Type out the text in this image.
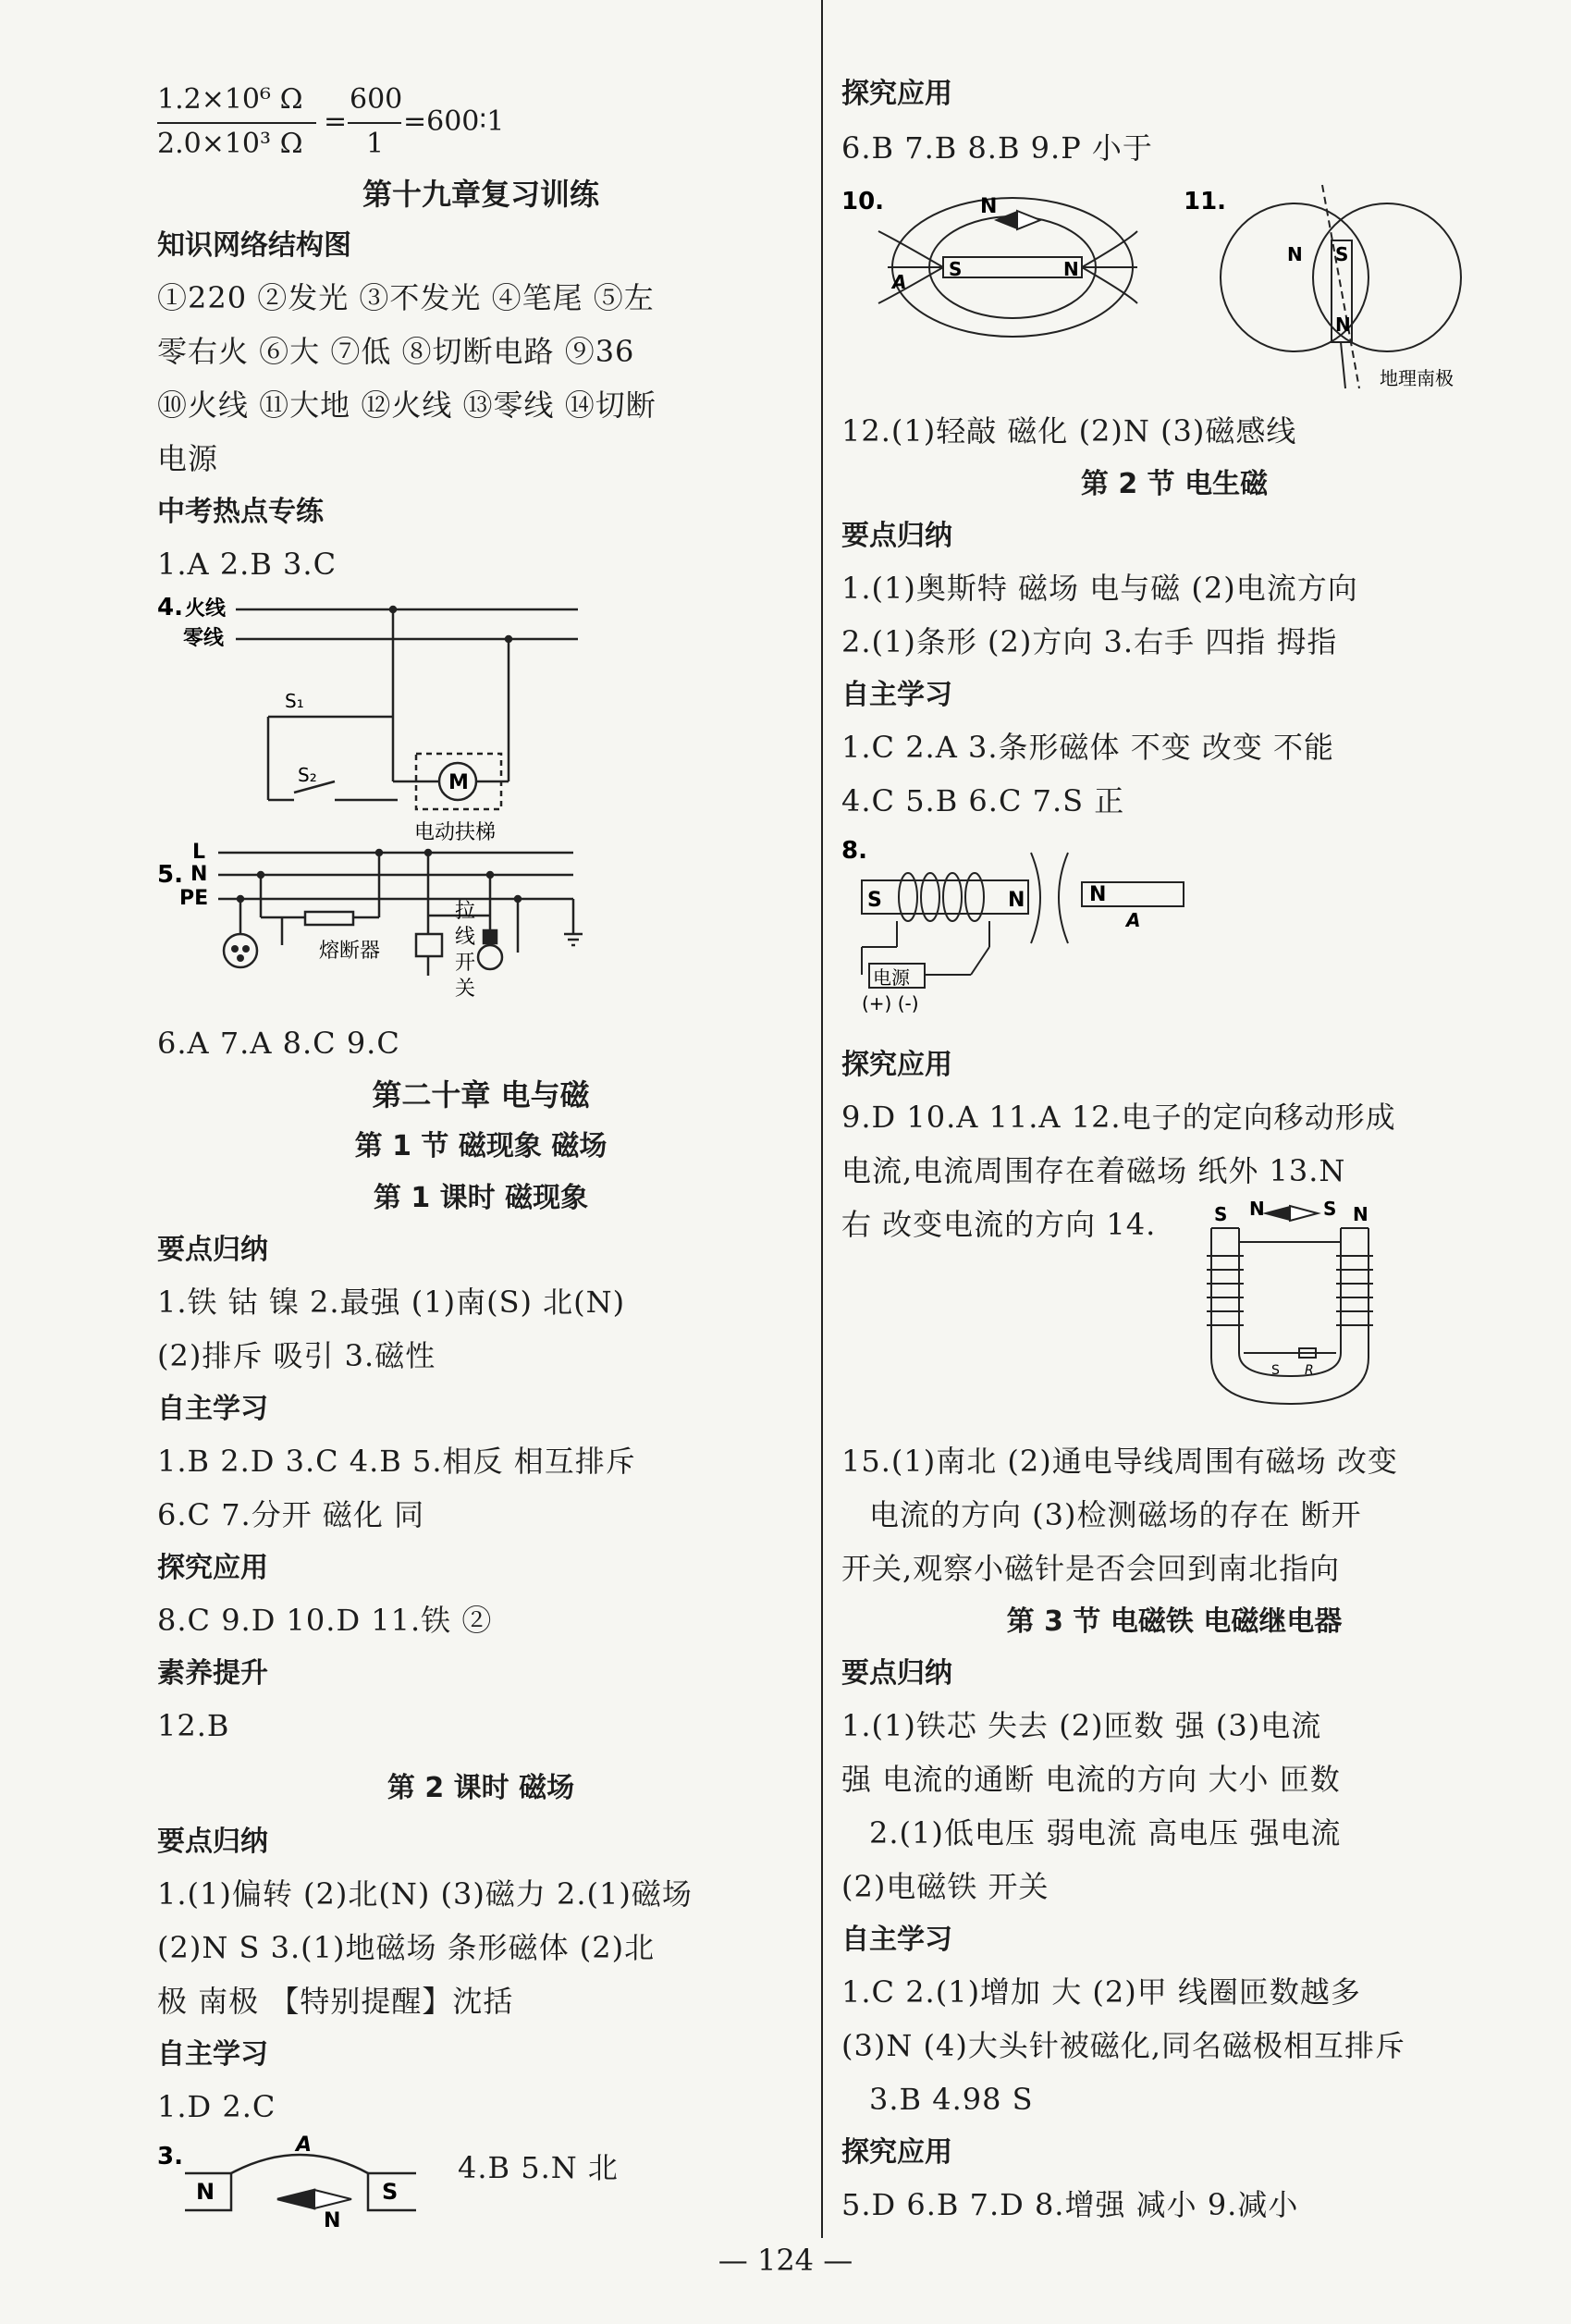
1.2×10⁶ Ω
2.0×10³ Ω
=
600
1
=600∶1
第十九章复习训练
知识网络结构图
①220 ②发光 ③不发光 ④笔尾 ⑤左
零右火 ⑥大 ⑦低 ⑧切断电路 ⑨36
⑩火线 ⑪大地 ⑫火线 ⑬零线 ⑭切断
电源
中考热点专练
1.A 2.B 3.C
4. 火线
零线
S₁
S₂	M
电动扶梯
5.
L
N
PE
熔断器
拉
线
开
关
6.A 7.A 8.C 9.C
第二十章 电与磁
第 1 节 磁现象 磁场
第 1 课时 磁现象
要点归纳
1.铁 钴 镍 2.最强 (1)南(S) 北(N)
(2)排斥 吸引 3.磁性
自主学习
1.B 2.D 3.C 4.B 5.相反 相互排斥
6.C 7.分开 磁化 同
探究应用
8.C 9.D 10.D 11.铁 ②
素养提升
12.B
第 2 课时 磁场
要点归纳
1.(1)偏转 (2)北(N) (3)磁力 2.(1)磁场
(2)N S 3.(1)地磁场 条形磁体 (2)北
极 南极 【特别提醒】沈括
自主学习
1.D 2.C
3.	A
N
N
S
4.B 5.N 北
探究应用
6.B 7.B 8.B 9.P 小于
10.	N
S	N
A
11.
N S
N
地理南极
12.(1)轻敲 磁化 (2)N (3)磁感线
第 2 节 电生磁
要点归纳
1.(1)奥斯特 磁场 电与磁 (2)电流方向
2.(1)条形 (2)方向 3.右手 四指 拇指
自主学习
1.C 2.A 3.条形磁体 不变 改变 不能
4.C 5.B 6.C 7.S 正
8.
S	N	N
A
电源
(+) (-)
探究应用
9.D 10.A 11.A 12.电子的定向移动形成
电流,电流周围存在着磁场 纸外 13.N
右 改变电流的方向 14.	S N	S N
S R
15.(1)南北 (2)通电导线周围有磁场 改变
电流的方向 (3)检测磁场的存在 断开
开关,观察小磁针是否会回到南北指向
第 3 节 电磁铁 电磁继电器
要点归纳
1.(1)铁芯 失去 (2)匝数 强 (3)电流
强 电流的通断 电流的方向 大小 匝数
2.(1)低电压 弱电流 高电压 强电流
(2)电磁铁 开关
自主学习
1.C 2.(1)增加 大 (2)甲 线圈匝数越多
(3)N (4)大头针被磁化,同名磁极相互排斥
3.B 4.98 S
探究应用
5.D 6.B 7.D 8.增强 减小 9.减小
— 124 —
